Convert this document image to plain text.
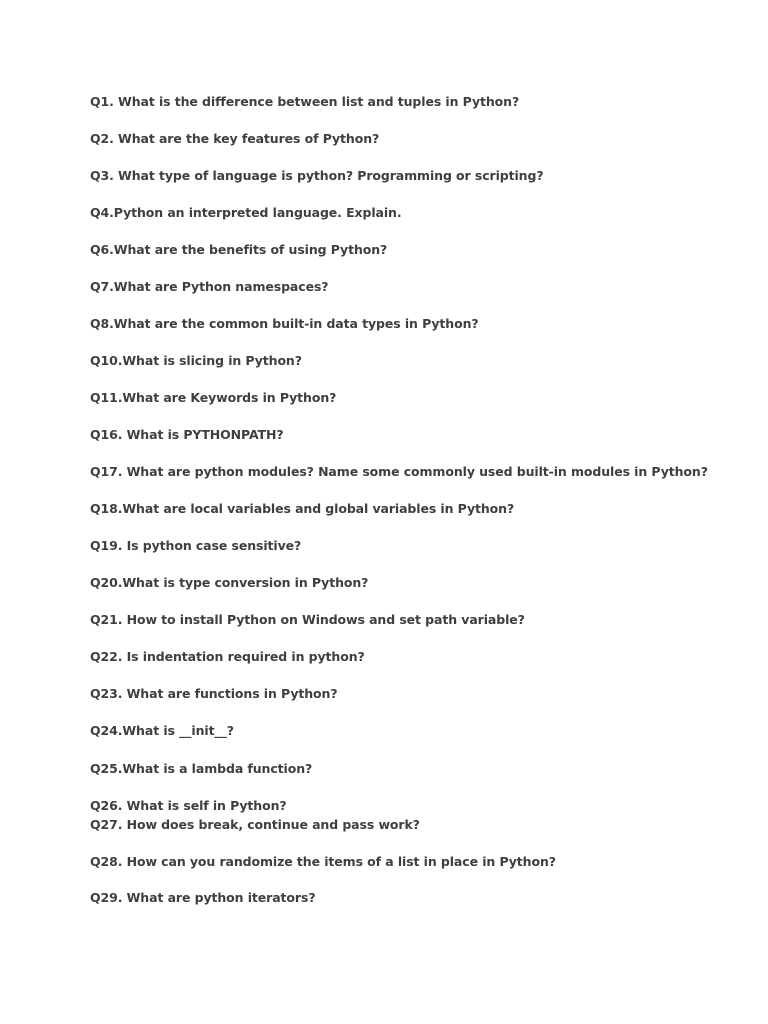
Q1. What is the difference between list and tuples in Python?

Q2. What are the key features of Python?

Q3. What type of language is python? Programming or scripting?

Q4.Python an interpreted language. Explain.

Q6.What are the benefits of using Python?

Q7.What are Python namespaces?

Q8.What are the common built-in data types in Python?

Q10.What is slicing in Python?

Q11.What are Keywords in Python?

Q16. What is PYTHONPATH?

Q17. What are python modules? Name some commonly used built-in modules in Python?

Q18.What are local variables and global variables in Python?

Q19. Is python case sensitive?

Q20.What is type conversion in Python?

Q21. How to install Python on Windows and set path variable?

Q22. Is indentation required in python?

Q23. What are functions in Python?

Q24.What is __init__?

Q25.What is a lambda function?

Q26. What is self in Python?

Q27. How does break, continue and pass work?

Q28. How can you randomize the items of a list in place in Python?

Q29. What are python iterators?
